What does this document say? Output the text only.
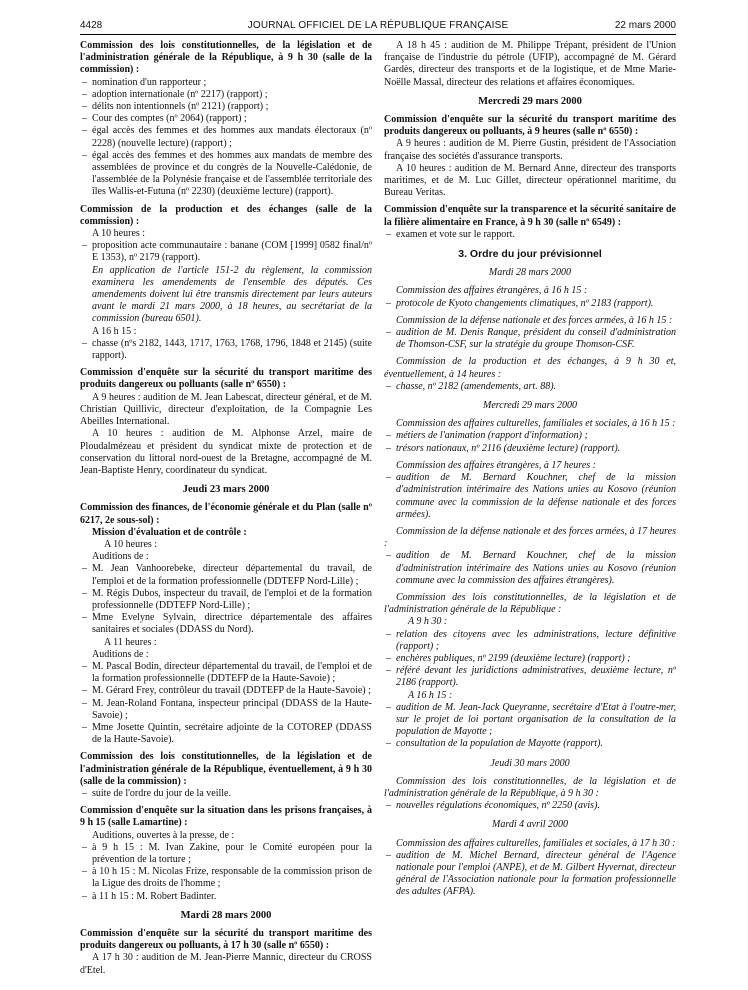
4428	JOURNAL OFFICIEL DE LA RÉPUBLIQUE FRANÇAISE	22 mars 2000

Commission des lois constitutionnelles, de la législation et de l'administration générale de la République, à 9 h 30 (salle de la commission) :

– nomination d'un rapporteur ;
– adoption internationale (nº 2217) (rapport) ;
– délits non intentionnels (nº 2121) (rapport) ;
– Cour des comptes (nº 2064) (rapport) ;
– égal accès des femmes et des hommes aux mandats électoraux (nº 2228) (nouvelle lecture) (rapport) ;
– égal accès des femmes et des hommes aux mandats de membre des assemblées de province et du congrès de la Nouvelle-Calédonie, de l'assemblée de la Polynésie française et de l'assemblée territoriale des îles Wallis-et-Futuna (nº 2230) (deuxième lecture) (rapport).

Commission de la production et des échanges (salle de la commission) :

A 10 heures :

– proposition acte communautaire : banane (COM [1999] 0582 final/nº E 1353), nº 2179 (rapport).

En application de l'article 151-2 du règlement, la commission examinera les amendements de l'ensemble des députés. Ces amendements doivent lui être transmis directement par leurs auteurs avant le mardi 21 mars 2000, à 18 heures, au secrétariat de la commission (bureau 6501).

A 16 h 15 :

– chasse (nºs 2182, 1443, 1717, 1763, 1768, 1796, 1848 et 2145) (suite rapport).

Commission d'enquête sur la sécurité du transport maritime des produits dangereux ou polluants (salle nº 6550) :

A 9 heures : audition de M. Jean Labescat, directeur général, et de M. Christian Quillivic, directeur d'exploitation, de la Compagnie Les Abeilles International.

A 10 heures : audition de M. Alphonse Arzel, maire de Ploudalmézeau et président du syndicat mixte de protection et de conservation du littoral nord-ouest de la Bretagne, accompagné de M. Jean-Baptiste Henry, coordinateur du syndicat.

Jeudi 23 mars 2000

Commission des finances, de l'économie générale et du Plan (salle nº 6217, 2e sous-sol) :

Mission d'évaluation et de contrôle :

A 10 heures :

Auditions de :

– M. Jean Vanhoorebeke, directeur départemental du travail, de l'emploi et de la formation professionnelle (DDTEFP Nord-Lille) ;
– M. Régis Dubos, inspecteur du travail, de l'emploi et de la formation professionnelle (DDTEFP Nord-Lille) ;
– Mme Evelyne Sylvain, directrice départementale des affaires sanitaires et sociales (DDASS du Nord).

A 11 heures :

Auditions de :

– M. Pascal Bodin, directeur départemental du travail, de l'emploi et de la formation professionnelle (DDTEFP de la Haute-Savoie) ;
– M. Gérard Frey, contrôleur du travail (DDTEFP de la Haute-Savoie) ;
– M. Jean-Roland Fontana, inspecteur principal (DDASS de la Haute-Savoie) ;
– Mme Josette Quintin, secrétaire adjointe de la COTOREP (DDASS de la Haute-Savoie).

Commission des lois constitutionnelles, de la législation et de l'administration générale de la République, éventuellement, à 9 h 30 (salle de la commission) :

– suite de l'ordre du jour de la veille.

Commission d'enquête sur la situation dans les prisons françaises, à 9 h 15 (salle Lamartine) :

Auditions, ouvertes à la presse, de :

– à 9 h 15 : M. Ivan Zakine, pour le Comité européen pour la prévention de la torture ;
– à 10 h 15 : M. Nicolas Frize, responsable de la commission prison de la Ligue des droits de l'homme ;
– à 11 h 15 : M. Robert Badinter.

Mardi 28 mars 2000

Commission d'enquête sur la sécurité du transport maritime des produits dangereux ou polluants, à 17 h 30 (salle nº 6550) :

A 17 h 30 : audition de M. Jean-Pierre Mannic, directeur du CROSS d'Etel.

A 18 h 45 : audition de M. Philippe Trépant, président de l'Union française de l'industrie du pétrole (UFIP), accompagné de M. Gérard Gardès, directeur des transports et de la logistique, et de Mme Marie-Noëlle Massal, directeur des relations et affaires économiques.

Mercredi 29 mars 2000

Commission d'enquête sur la sécurité du transport maritime des produits dangereux ou polluants, à 9 heures (salle nº 6550) :

A 9 heures : audition de M. Pierre Gustin, président de l'Association française des sociétés d'assurance transports.

A 10 heures : audition de M. Bernard Anne, directeur des transports maritimes, et de M. Luc Gillet, directeur opérationnel maritime, du Bureau Veritas.

Commission d'enquête sur la transparence et la sécurité sanitaire de la filière alimentaire en France, à 9 h 30 (salle nº 6549) :

– examen et vote sur le rapport.

3. Ordre du jour prévisionnel

Mardi 28 mars 2000

Commission des affaires étrangères, à 16 h 15 :

– protocole de Kyoto changements climatiques, nº 2183 (rapport).

Commission de la défense nationale et des forces armées, à 16 h 15 :

– audition de M. Denis Ranque, président du conseil d'administration de Thomson-CSF, sur la stratégie du groupe Thomson-CSF.

Commission de la production et des échanges, à 9 h 30 et, éventuellement, à 14 heures :

– chasse, nº 2182 (amendements, art. 88).

Mercredi 29 mars 2000

Commission des affaires culturelles, familiales et sociales, à 16 h 15 :

– métiers de l'animation (rapport d'information) ;
– trésors nationaux, nº 2116 (deuxième lecture) (rapport).

Commission des affaires étrangères, à 17 heures :

– audition de M. Bernard Kouchner, chef de la mission d'administration intérimaire des Nations unies au Kosovo (réunion commune avec la commission de la défense nationale et des forces armées).

Commission de la défense nationale et des forces armées, à 17 heures :

– audition de M. Bernard Kouchner, chef de la mission d'administration intérimaire des Nations unies au Kosovo (réunion commune avec la commission des affaires étrangères).

Commission des lois constitutionnelles, de la législation et de l'administration générale de la République :

A 9 h 30 :

– relation des citoyens avec les administrations, lecture définitive (rapport) ;
– enchères publiques, nº 2199 (deuxième lecture) (rapport) ;
– référé devant les juridictions administratives, deuxième lecture, nº 2186 (rapport).

A 16 h 15 :

– audition de M. Jean-Jack Queyranne, secrétaire d'Etat à l'outre-mer, sur le projet de loi portant organisation de la consultation de la population de Mayotte ;
– consultation de la population de Mayotte (rapport).

Jeudi 30 mars 2000

Commission des lois constitutionnelles, de la législation et de l'administration générale de la République, à 9 h 30 :

– nouvelles régulations économiques, nº 2250 (avis).

Mardi 4 avril 2000

Commission des affaires culturelles, familiales et sociales, à 17 h 30 :

– audition de M. Michel Bernard, directeur général de l'Agence nationale pour l'emploi (ANPE), et de M. Gilbert Hyvernat, directeur général de l'Association nationale pour la formation professionnelle des adultes (AFPA).
